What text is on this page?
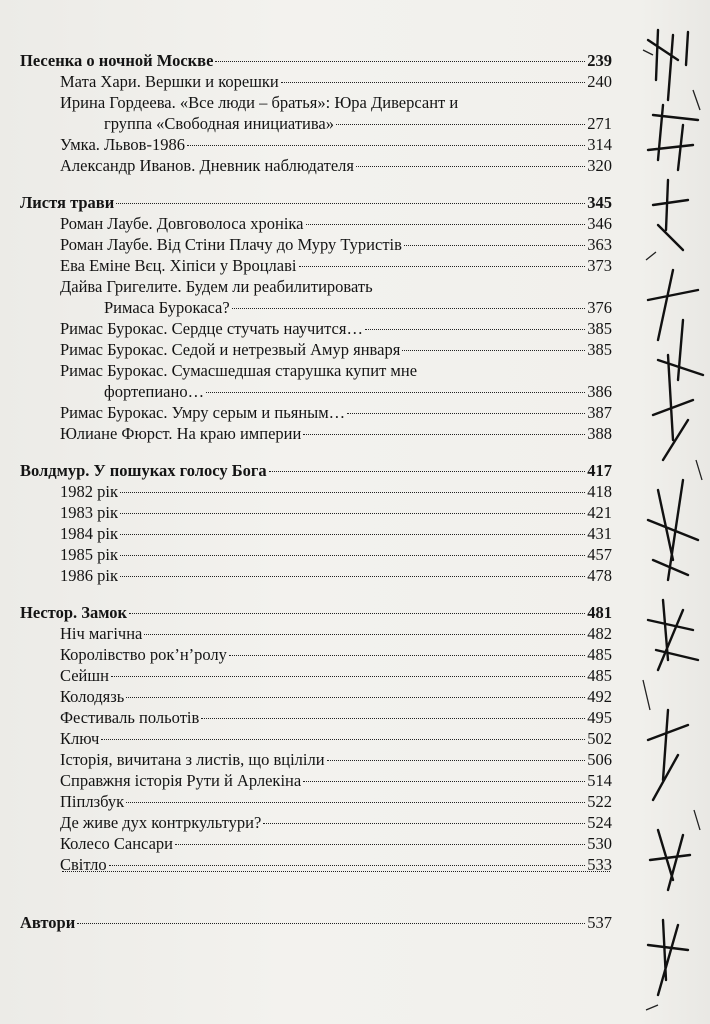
Песенка о ночной Москве	239
Мата Хари. Вершки и корешки	240
Ирина Гордеева. «Все люди – братья»: Юра Диверсант и
группа «Свободная инициатива»	271
Умка. Львов-1986	314
Александр Иванов. Дневник наблюдателя	320
Листя трави	345
Роман Лаубе. Довговолоса хроніка	346
Роман Лаубе. Від Стіни Плачу до Муру Туристів	363
Ева Еміне Вєц. Хіпіси у Вроцлаві	373
Дайва Григелите. Будем ли реабилитировать
Римаса Бурокаса?	376
Римас Бурокас. Сердце стучать научится…	385
Римас Бурокас. Седой и нетрезвый Амур января	385
Римас Бурокас. Сумасшедшая старушка купит мне
фортепиано…	386
Римас Бурокас. Умру серым и пьяным…	387
Юлиане Фюрст. На краю империи	388
Волдмур. У пошуках голосу Бога	417
1982 рік	418
1983 рік	421
1984 рік	431
1985 рік	457
1986 рік	478
Нестор. Замок	481
Ніч магічна	482
Королівство рок’н’ролу	485
Сейшн	485
Колодязь	492
Фестиваль польотів	495
Ключ	502
Історія, вичитана з листів, що вціліли	506
Справжня історія Рути й Арлекіна	514
Піплзбук	522
Де живе дух контркультури?	524
Колесо Сансари	530
Світло	533
Автори	537
